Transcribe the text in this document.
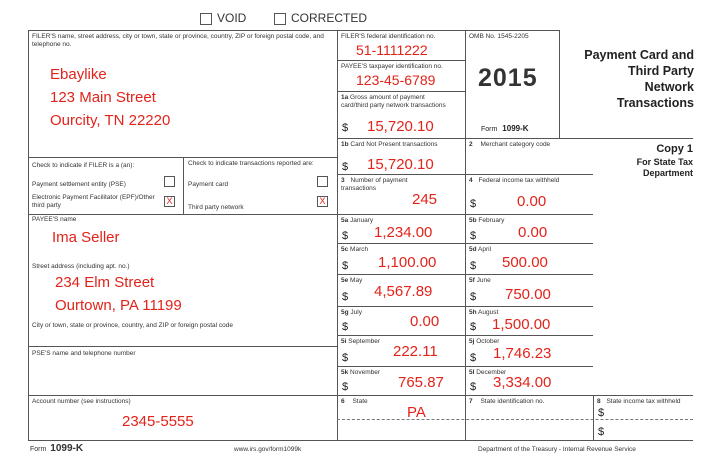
VOID	CORRECTED
FILER'S name, street address, city or town, state or province, country, ZIP or foreign postal code, and telephone no.
Ebaylike
123 Main Street
Ourcity, TN 22220
FILER'S federal identification no.
51-1111222
PAYEE'S taxpayer identification no.
123-45-6789
OMB No. 1545-2205
2015
Form 1099-K
Payment Card and
Third Party
Network
Transactions
Copy 1
For State Tax
Department
1a Gross amount of payment card/third party network transactions
$ 15,720.10
1b Card Not Present transactions
$ 15,720.10
2 Merchant category code
3 Number of payment transactions
245
4 Federal income tax withheld
$	0.00
Check to indicate if FILER is a (an):
Payment settlement entity (PSE)
Electronic Payment Facilitator (EPF)/Other third party	X
Check to indicate transactions reported are:
Payment card
Third party network
X
PAYEE'S name
Ima Seller
Street address (including apt. no.)
234 Elm Street
Ourtown, PA 11199
City or town, state or province, country, and ZIP or foreign postal code
PSE'S name and telephone number
Account number (see instructions)
2345-5555
5a January
$ 1,234.00
5b February
$	0.00
5c March
$ 1,100.00
5d April
$ 500.00
5e May
$ 4,567.89
5f June
$ 750.00
5g July
$	0.00
5h August
$ 1,500.00
5i September
$	222.11
5j October
$ 1,746.23
5k November
$	765.87
5l December
$ 3,334.00
6 State
PA
7 State identification no.	8 State income tax withheld
$
$
Form 1099-K	www.irs.gov/form1099k	Department of the Treasury - Internal Revenue Service
